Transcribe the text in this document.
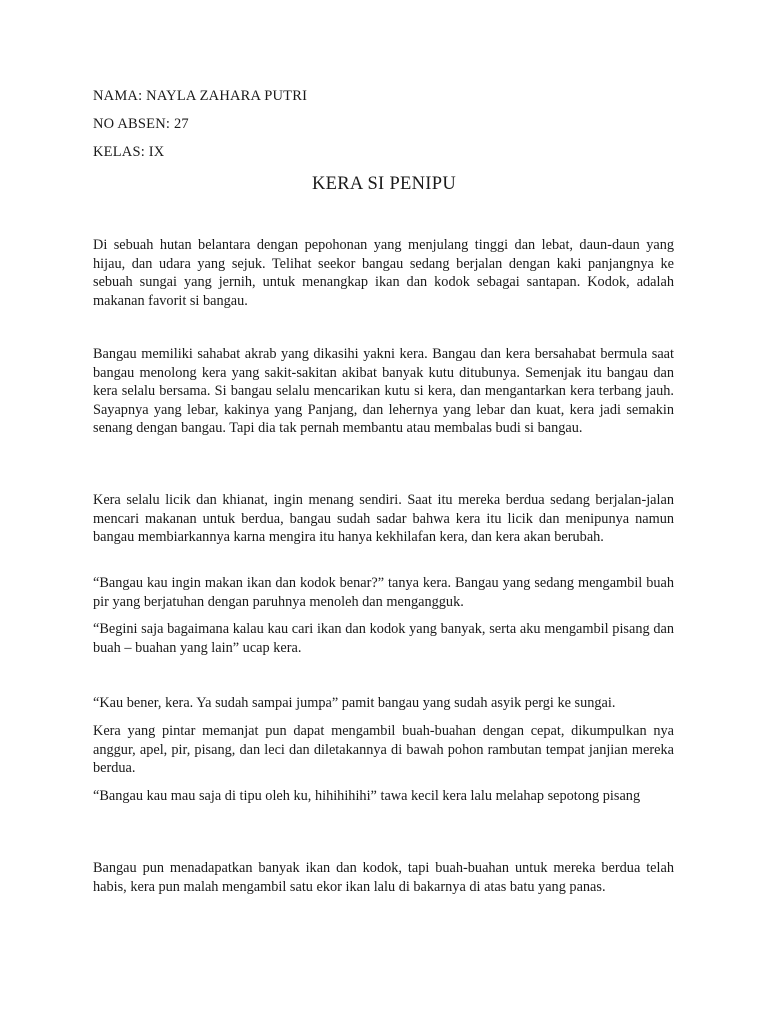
NAMA: NAYLA ZAHARA PUTRI
NO ABSEN: 27
KELAS: IX
KERA SI PENIPU

Di sebuah hutan belantara dengan pepohonan yang menjulang tinggi dan lebat, daun-daun yang hijau, dan udara yang sejuk. Telihat seekor bangau sedang berjalan dengan kaki panjangnya ke sebuah sungai yang jernih, untuk menangkap ikan dan kodok sebagai santapan. Kodok, adalah makanan favorit si bangau.

Bangau memiliki sahabat akrab yang dikasihi yakni kera. Bangau dan kera bersahabat bermula saat bangau menolong kera yang sakit-sakitan akibat banyak kutu ditubunya. Semenjak itu bangau dan kera selalu bersama. Si bangau selalu mencarikan kutu si kera, dan mengantarkan kera terbang jauh. Sayapnya yang lebar, kakinya yang Panjang, dan lehernya yang lebar dan kuat, kera jadi semakin senang dengan bangau. Tapi dia tak pernah membantu atau membalas budi si bangau.

Kera selalu licik dan khianat, ingin menang sendiri. Saat itu mereka berdua sedang berjalan-jalan mencari makanan untuk berdua, bangau sudah sadar bahwa kera itu licik dan menipunya namun bangau membiarkannya karna mengira itu hanya kekhilafan kera, dan kera akan berubah.

“Bangau kau ingin makan ikan dan kodok benar?” tanya kera. Bangau yang sedang mengambil buah pir yang berjatuhan dengan paruhnya menoleh dan mengangguk.

“Begini saja bagaimana kalau kau cari ikan dan kodok yang banyak, serta aku mengambil pisang dan buah – buahan yang lain” ucap kera.

“Kau bener, kera. Ya sudah sampai jumpa” pamit bangau yang sudah asyik pergi ke sungai.

Kera yang pintar memanjat pun dapat mengambil buah-buahan dengan cepat, dikumpulkan nya anggur, apel, pir, pisang, dan leci dan diletakannya di bawah pohon rambutan tempat janjian mereka berdua.

“Bangau kau mau saja di tipu oleh ku, hihihihihi” tawa kecil kera lalu melahap sepotong pisang

Bangau pun menadapatkan banyak ikan dan kodok, tapi buah-buahan untuk mereka berdua telah habis, kera pun malah mengambil satu ekor ikan lalu di bakarnya di atas batu yang panas.
